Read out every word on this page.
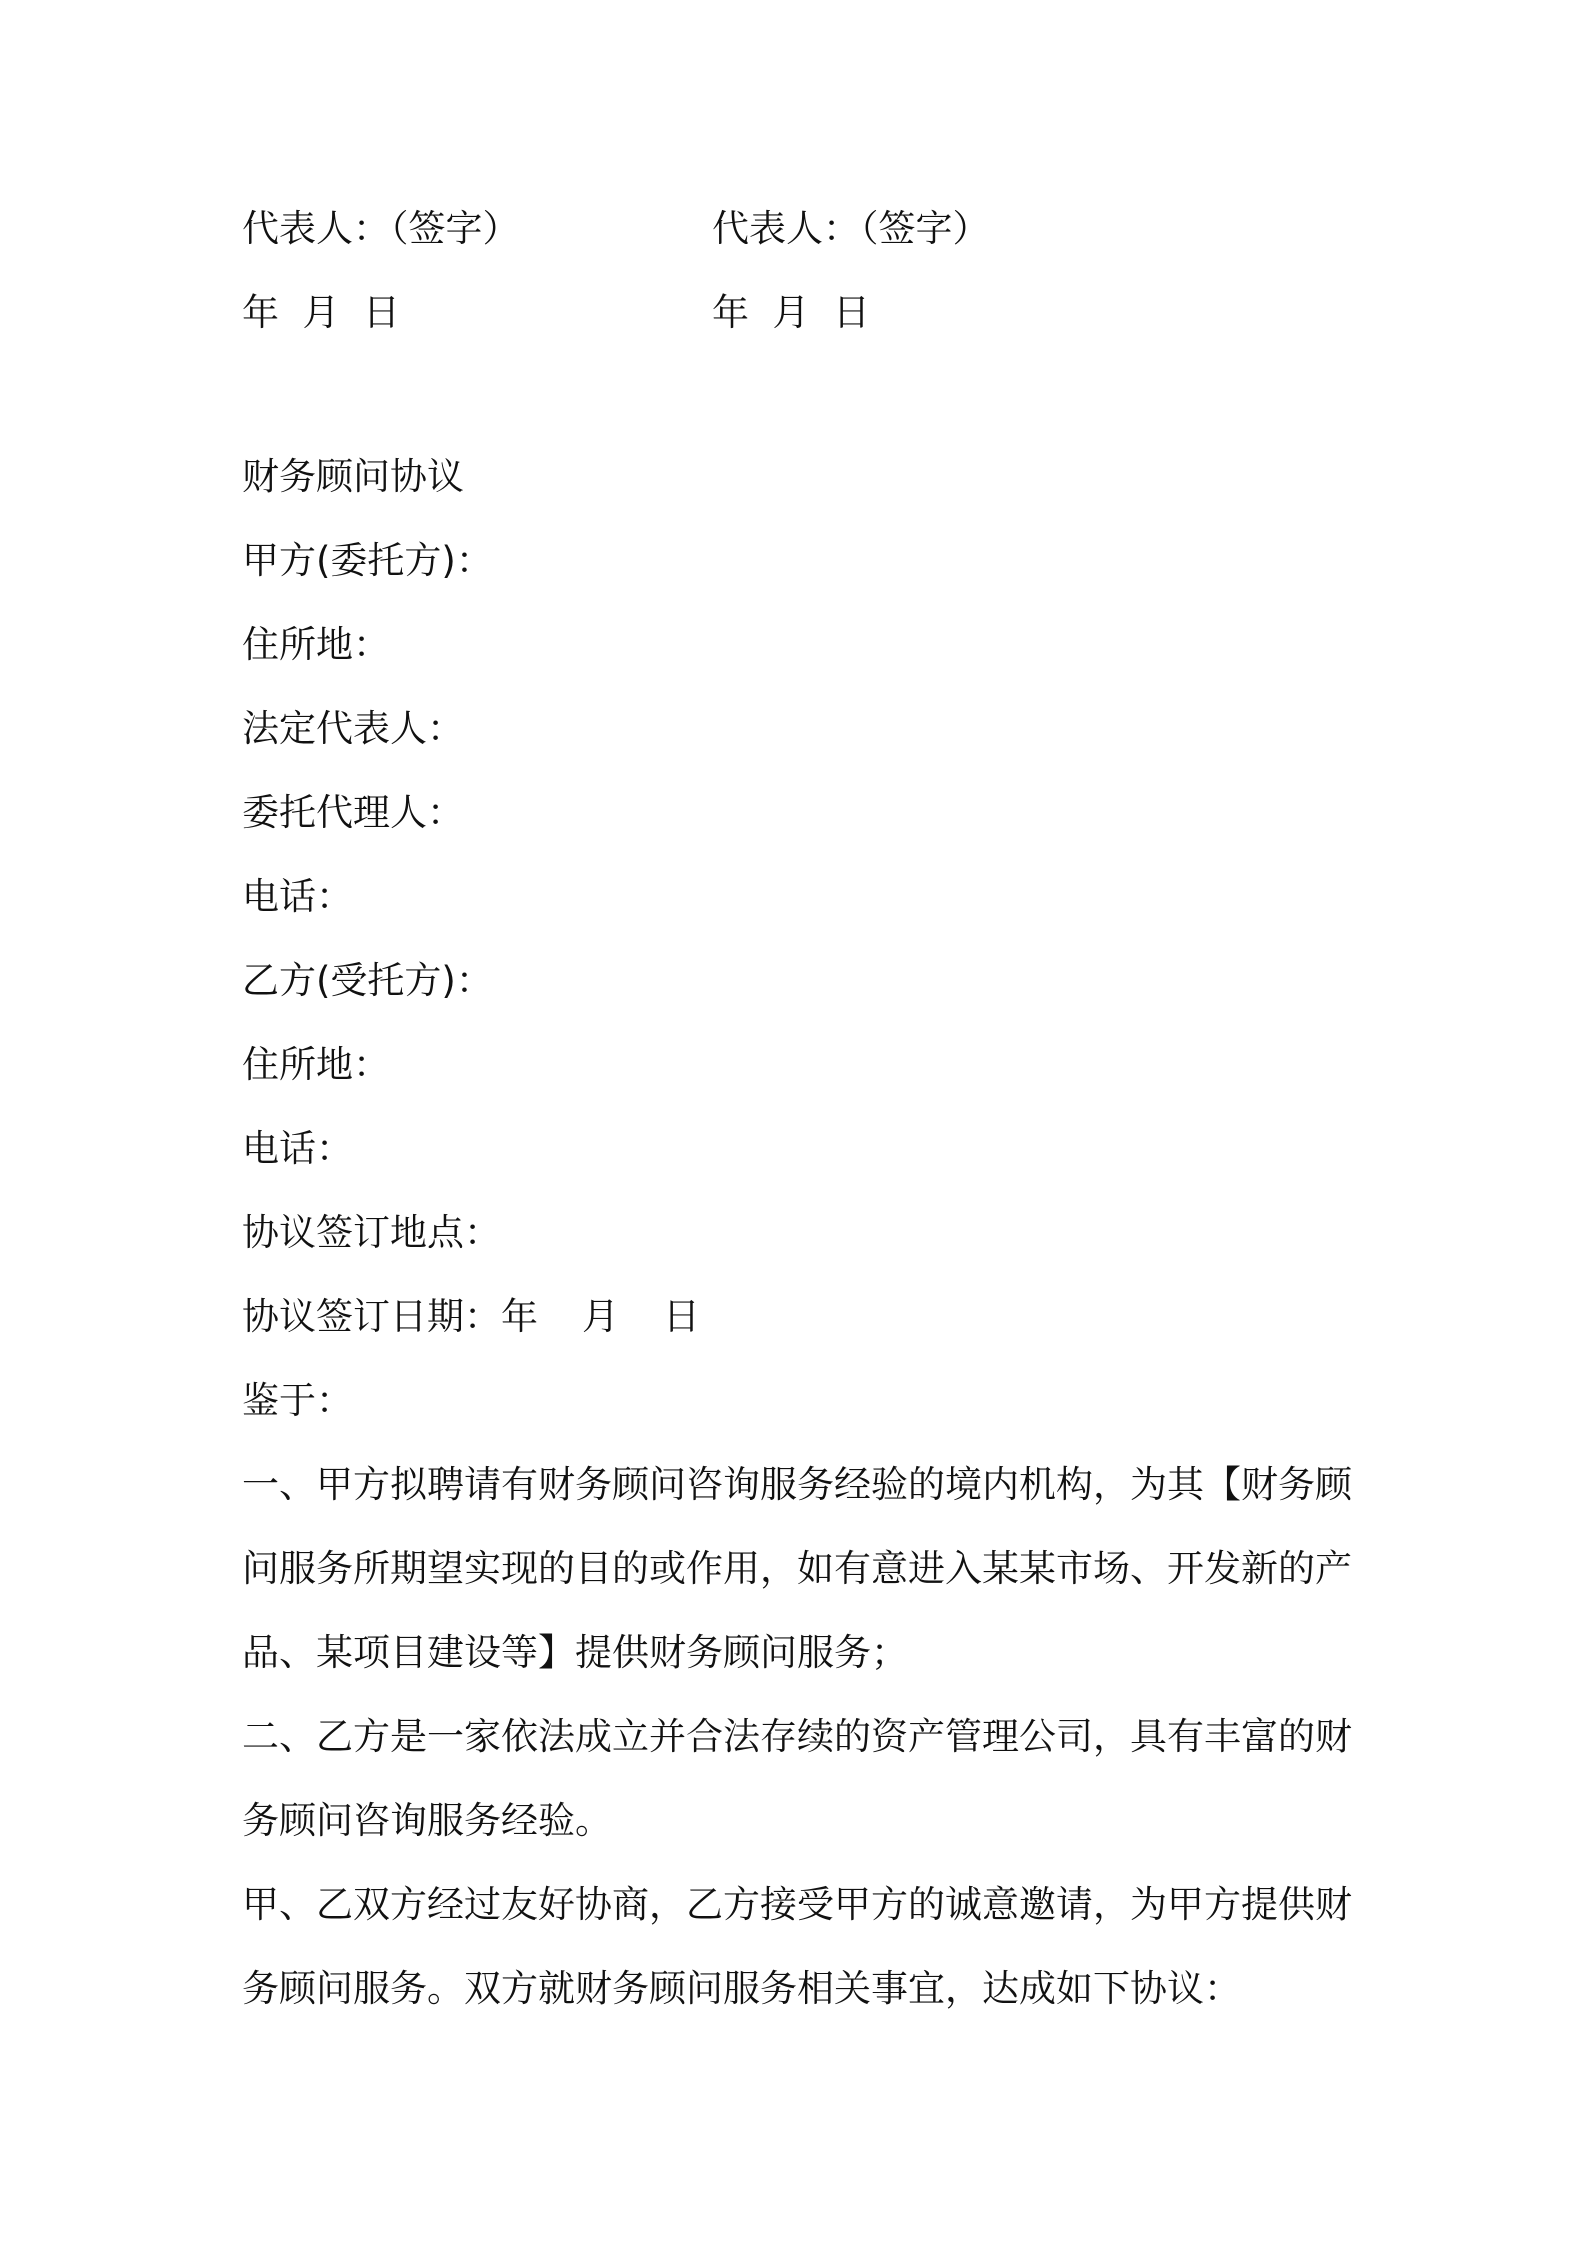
代表人：（签字）	代表人：（签字）
年  月  日	年  月  日
财务顾问协议
甲方(委托方)：
住所地：
法定代表人：
委托代理人：
电话：
乙方(受托方)：
住所地：
电话：
协议签订地点：
协议签订日期：年 月 日
鉴于：
一、甲方拟聘请有财务顾问咨询服务经验的境内机构，为其【财务顾问服务所期望实现的目的或作用，如有意进入某某市场、开发新的产品、某项目建设等】提供财务顾问服务；
二、乙方是一家依法成立并合法存续的资产管理公司，具有丰富的财务顾问咨询服务经验。
甲、乙双方经过友好协商，乙方接受甲方的诚意邀请，为甲方提供财务顾问服务。双方就财务顾问服务相关事宜，达成如下协议：
